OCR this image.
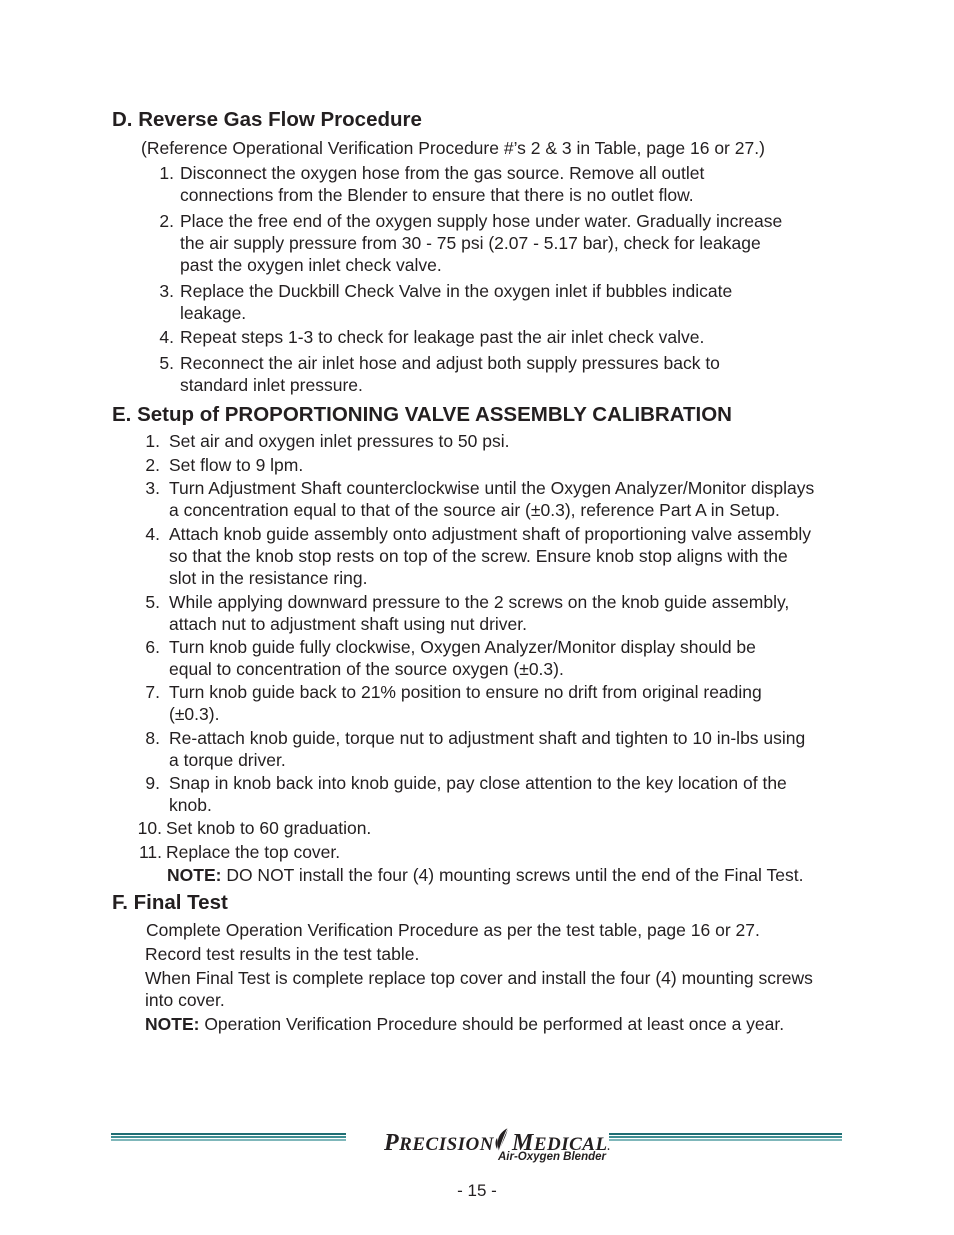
D. Reverse Gas Flow Procedure

(Reference Operational Verification Procedure #’s 2 & 3 in Table, page 16 or 27.)

1. Disconnect the oxygen hose from the gas source. Remove all outlet
connections from the Blender to ensure that there is no outlet flow.
2. Place the free end of the oxygen supply hose under water. Gradually increase
the air supply pressure from 30 - 75 psi (2.07 - 5.17 bar), check for leakage
past the oxygen inlet check valve.
3. Replace the Duckbill Check Valve in the oxygen inlet if bubbles indicate
leakage.
4. Repeat steps 1-3 to check for leakage past the air inlet check valve.
5. Reconnect the air inlet hose and adjust both supply pressures back to
standard inlet pressure.
E. Setup of PROPORTIONING VALVE ASSEMBLY CALIBRATION
1. Set air and oxygen inlet pressures to 50 psi.
2. Set flow to 9 lpm.
3. Turn Adjustment Shaft counterclockwise until the Oxygen Analyzer/Monitor displays
a concentration equal to that of the source air (±0.3), reference Part A in Setup.
4. Attach knob guide assembly onto adjustment shaft of proportioning valve assembly
so that the knob stop rests on top of the screw. Ensure knob stop aligns with the
slot in the resistance ring.
5. While applying downward pressure to the 2 screws on the knob guide assembly,
attach nut to adjustment shaft using nut driver.
6. Turn knob guide fully clockwise, Oxygen Analyzer/Monitor display should be
equal to concentration of the source oxygen (±0.3).
7. Turn knob guide back to 21% position to ensure no drift from original reading
(±0.3).
8. Re-attach knob guide, torque nut to adjustment shaft and tighten to 10 in-lbs using
a torque driver.
9. Snap in knob back into knob guide, pay close attention to the key location of the
knob.
10. Set knob to 60 graduation.
11. Replace the top cover.

NOTE: DO NOT install the four (4) mounting screws until the end of the Final Test.

F. Final Test

Complete Operation Verification Procedure as per the test table, page 16 or 27.

Record test results in the test table.

When Final Test is complete replace top cover and install the four (4) mounting screws

into cover.

NOTE: Operation Verification Procedure should be performed at least once a year.

PRECISION MEDICAL.
Air-Oxygen Blender
- 15 -
